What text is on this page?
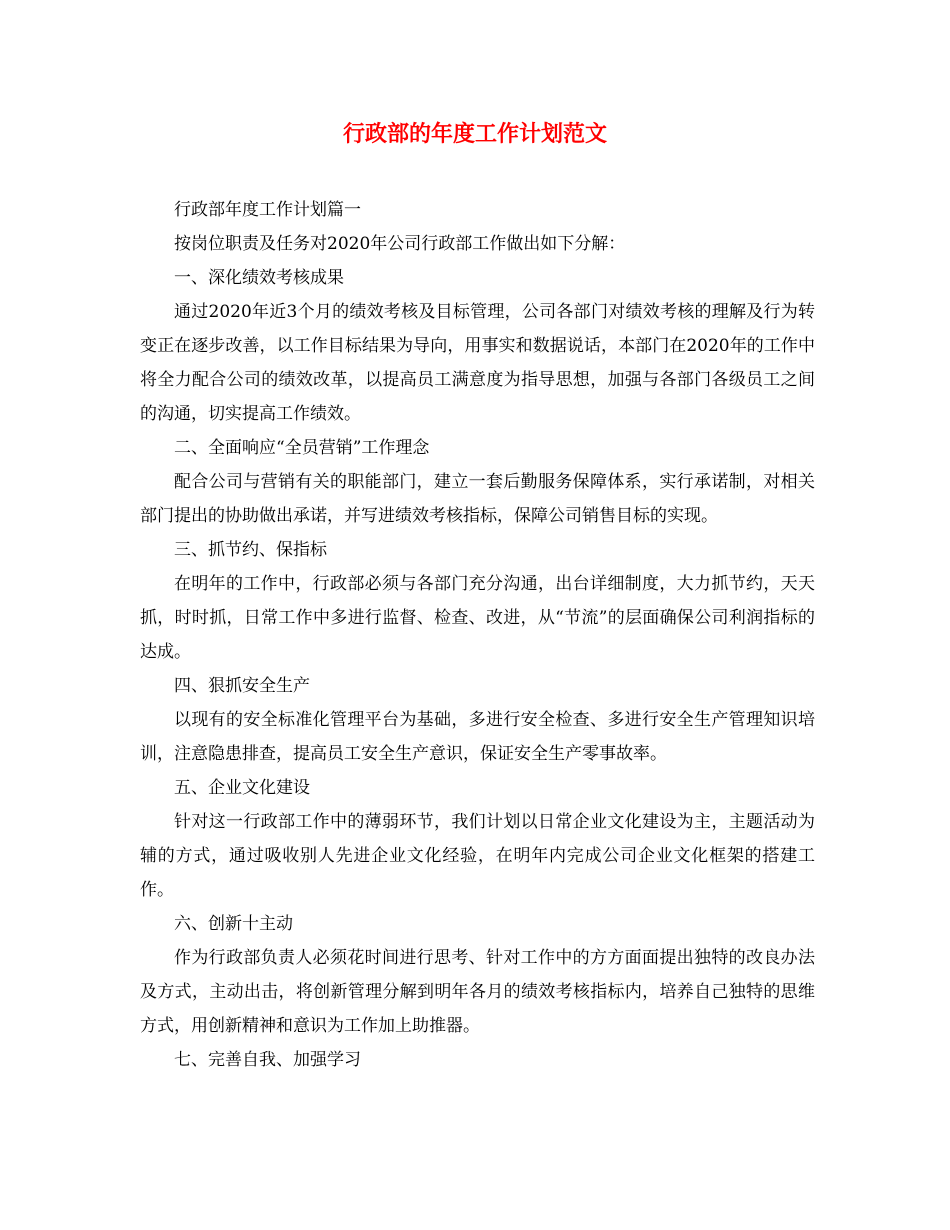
行政部的年度工作计划范文

行政部年度工作计划篇一

按岗位职责及任务对2020年公司行政部工作做出如下分解：

一、深化绩效考核成果

通过2020年近3个月的绩效考核及目标管理，公司各部门对绩效考核的理解及行为转变正在逐步改善，以工作目标结果为导向，用事实和数据说话，本部门在2020年的工作中将全力配合公司的绩效改革，以提高员工满意度为指导思想，加强与各部门各级员工之间的沟通，切实提高工作绩效。

二、全面响应“全员营销”工作理念

配合公司与营销有关的职能部门，建立一套后勤服务保障体系，实行承诺制，对相关部门提出的协助做出承诺，并写进绩效考核指标，保障公司销售目标的实现。

三、抓节约、保指标

在明年的工作中，行政部必须与各部门充分沟通，出台详细制度，大力抓节约，天天抓，时时抓，日常工作中多进行监督、检查、改进，从“节流”的层面确保公司利润指标的达成。

四、狠抓安全生产

以现有的安全标准化管理平台为基础，多进行安全检查、多进行安全生产管理知识培训，注意隐患排查，提高员工安全生产意识，保证安全生产零事故率。

五、企业文化建设

针对这一行政部工作中的薄弱环节，我们计划以日常企业文化建设为主，主题活动为辅的方式，通过吸收别人先进企业文化经验，在明年内完成公司企业文化框架的搭建工作。

六、创新十主动

作为行政部负责人必须花时间进行思考、针对工作中的方方面面提出独特的改良办法及方式，主动出击，将创新管理分解到明年各月的绩效考核指标内，培养自己独特的思维方式，用创新精神和意识为工作加上助推器。

七、完善自我、加强学习
